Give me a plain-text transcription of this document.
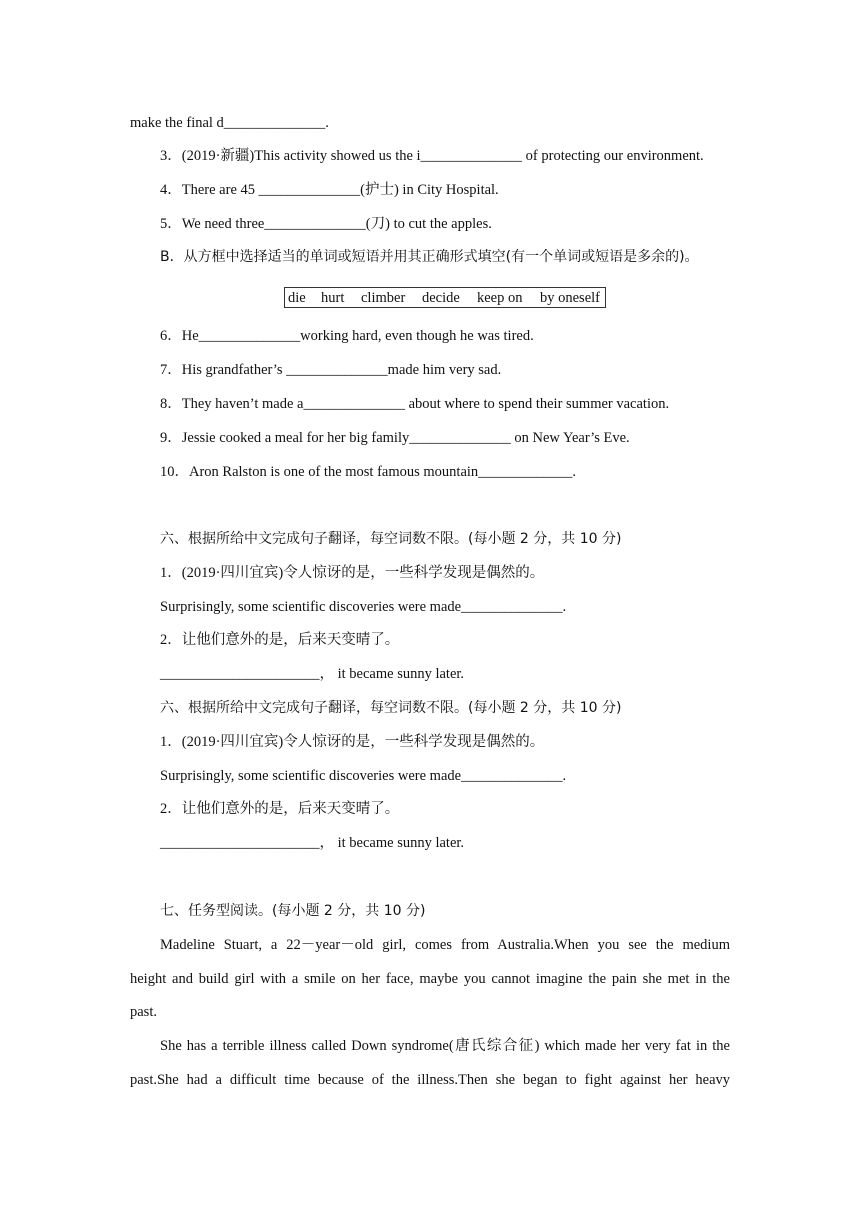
make the final d______________.
3．(2019·新疆)This activity showed us the i______________ of protecting our environment.
4．There are 45 ______________(护士) in City Hospital.
5．We need three______________(刀) to cut the apples.
B．从方框中选择适当的单词或短语并用其正确形式填空(有一个单词或短语是多余的)。
die hurt climber decide keep on by oneself
6．He______________working hard, even though he was tired.
7．His grandfather’s ______________made him very sad.
8．They haven’t made a______________ about where to spend their summer vacation.
9．Jessie cooked a meal for her big family______________ on New Year’s Eve.
10．Aron Ralston is one of the most famous mountain_____________.
六、根据所给中文完成句子翻译，每空词数不限。(每小题 2 分，共 10 分)
1．(2019·四川宜宾)令人惊讶的是，一些科学发现是偶然的。
Surprisingly, some scientific discoveries were made______________.
2．让他们意外的是，后来天变晴了。
______________________， it became sunny later.
六、根据所给中文完成句子翻译，每空词数不限。(每小题 2 分，共 10 分)
1．(2019·四川宜宾)令人惊讶的是，一些科学发现是偶然的。
Surprisingly, some scientific discoveries were made______________.
2．让他们意外的是，后来天变晴了。
______________________， it became sunny later.
七、任务型阅读。(每小题 2 分，共 10 分)
Madeline Stuart, a 22－year－old girl, comes from Australia.When you see the medium
height and build girl with a smile on her face, maybe you cannot imagine the pain she met in the
past.
She has a terrible illness called Down syndrome(唐氏综合征) which made her very fat in the
past.She had a difficult time because of the illness.Then she began to fight against her heavy
